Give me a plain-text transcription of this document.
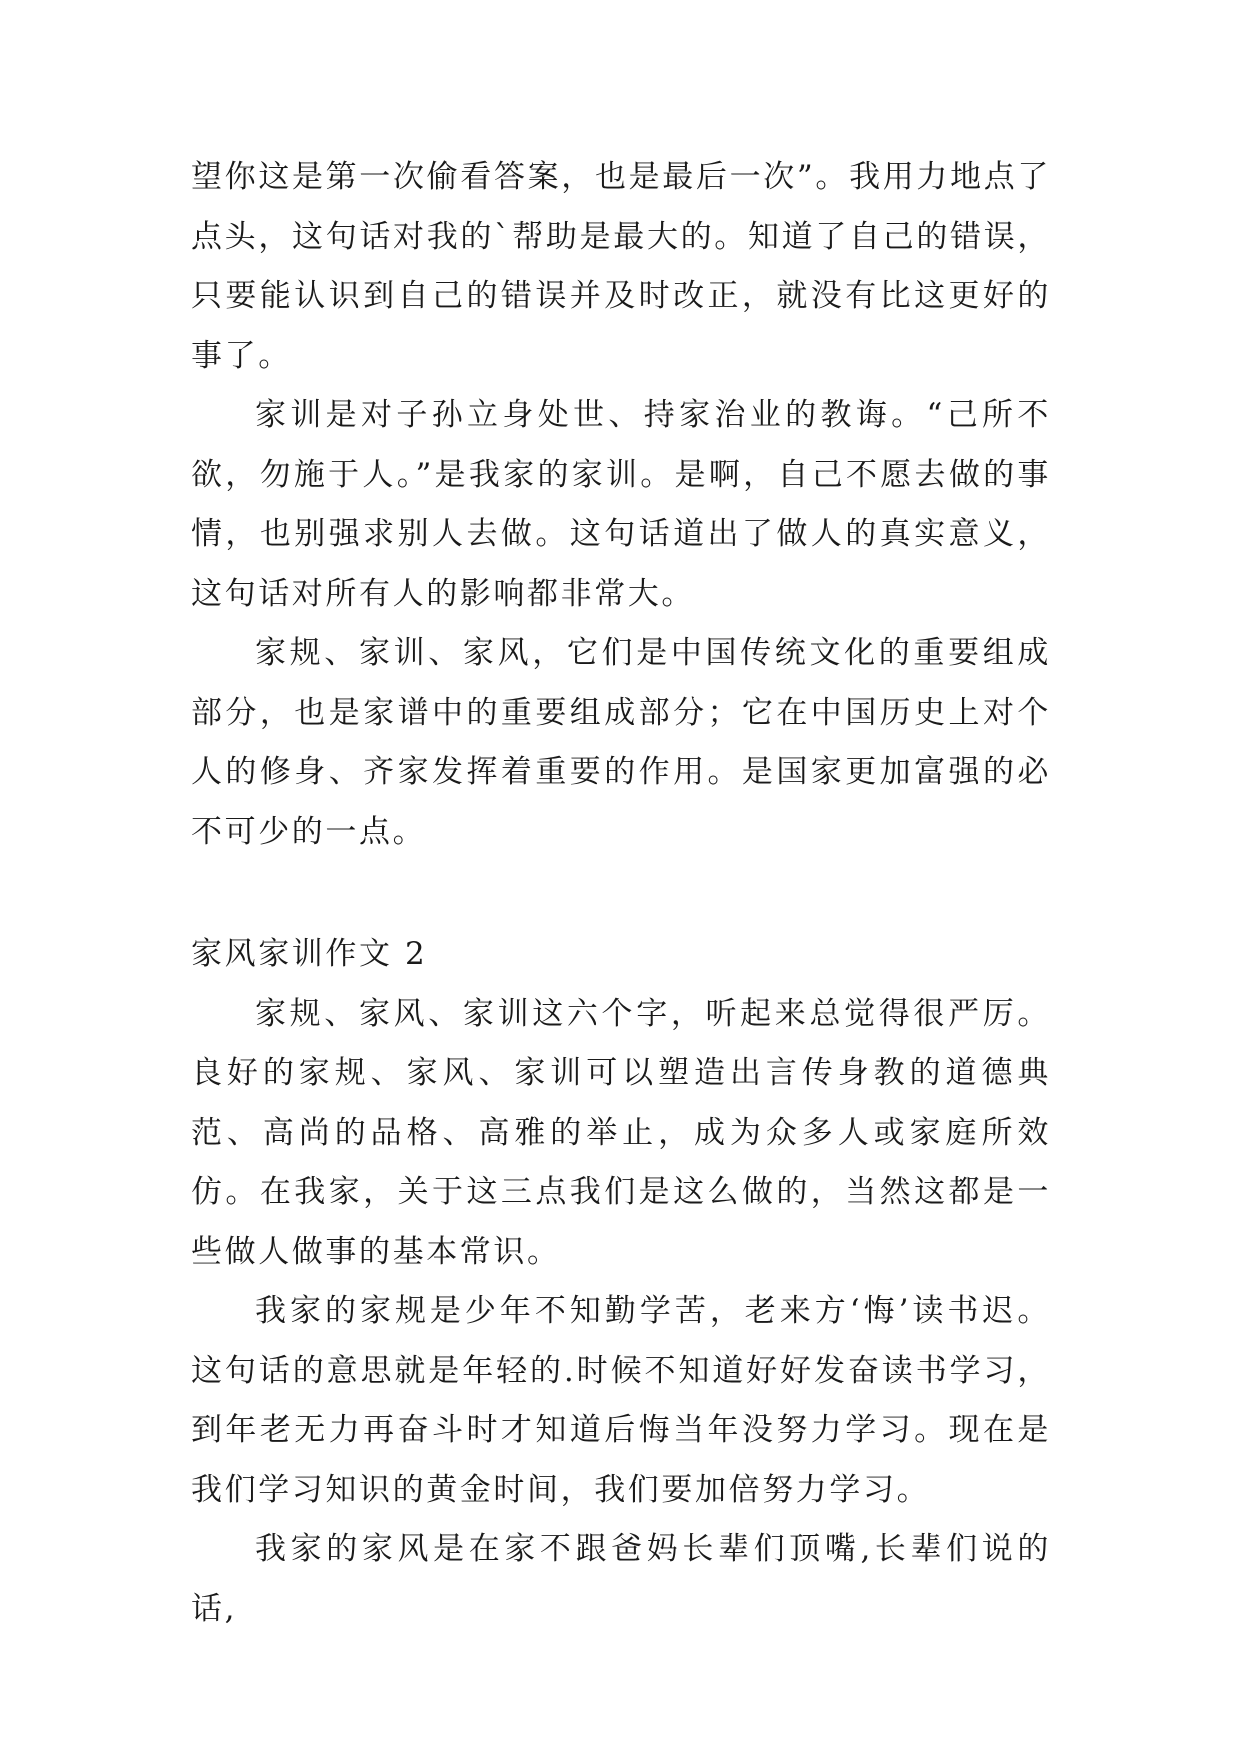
望你这是第一次偷看答案，也是最后一次”。我用力地点了点头，这句话对我的`帮助是最大的。知道了自己的错误，只要能认识到自己的错误并及时改正，就没有比这更好的事了。

家训是对子孙立身处世、持家治业的教诲。“己所不欲，勿施于人。”是我家的家训。是啊，自己不愿去做的事情，也别强求别人去做。这句话道出了做人的真实意义，这句话对所有人的影响都非常大。

家规、家训、家风，它们是中国传统文化的重要组成部分，也是家谱中的重要组成部分；它在中国历史上对个人的修身、齐家发挥着重要的作用。是国家更加富强的必不可少的一点。

家风家训作文 2

家规、家风、家训这六个字，听起来总觉得很严厉。良好的家规、家风、家训可以塑造出言传身教的道德典范、高尚的品格、高雅的举止，成为众多人或家庭所效仿。在我家，关于这三点我们是这么做的，当然这都是一些做人做事的基本常识。

我家的家规是少年不知勤学苦，老来方‘悔’读书迟。这句话的意思就是年轻的.时候不知道好好发奋读书学习，到年老无力再奋斗时才知道后悔当年没努力学习。现在是我们学习知识的黄金时间，我们要加倍努力学习。

我家的家风是在家不跟爸妈长辈们顶嘴,长辈们说的话,
